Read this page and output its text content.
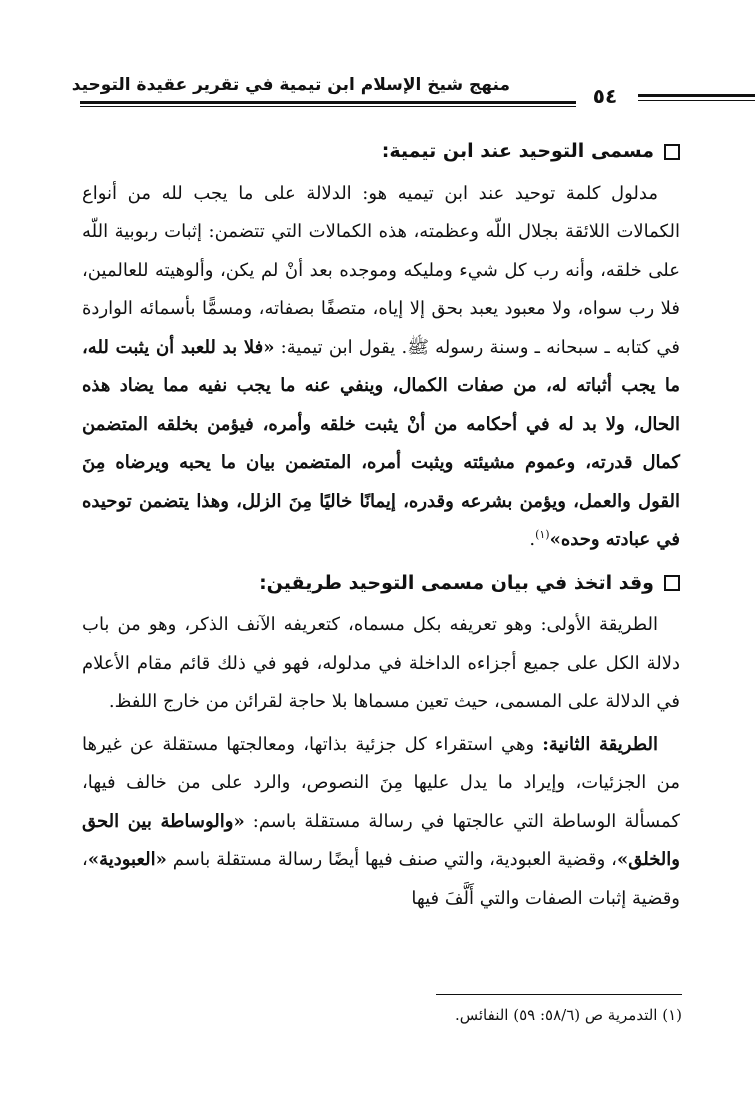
منهج شيخ الإسلام ابن تيمية في تقرير عقيدة التوحيد	٥٤

مسمى التوحيد عند ابن تيمية:

مدلول كلمة توحيد عند ابن تيميه هو: الدلالة على ما يجب لله من أنواع الكمالات اللائقة بجلال اللّه وعظمته، هذه الكمالات التي تتضمن: إثبات ربوبية اللّه على خلقه، وأنه رب كل شيء ومليكه وموجده بعد أنْ لم يكن، وألوهيته للعالمين، فلا رب سواه، ولا معبود يعبد بحق إلا إياه، متصفًا بصفاته، ومسمًّا بأسمائه الواردة في كتابه ـ سبحانه ـ وسنة رسوله ﷺ. يقول ابن تيمية: «فلا بد للعبد أن يثبت لله، ما يجب أثباته له، من صفات الكمال، وينفي عنه ما يجب نفيه مما يضاد هذه الحال، ولا بد له في أحكامه من أنْ يثبت خلقه وأمره، فيؤمن بخلقه المتضمن كمال قدرته، وعموم مشيئته ويثبت أمره، المتضمن بيان ما يحبه ويرضاه مِنَ القول والعمل، ويؤمن بشرعه وقدره، إيمانًا خاليًا مِنَ الزلل، وهذا يتضمن توحيده في عبادته وحده»$^{(١)}$.

وقد اتخذ في بيان مسمى التوحيد طريقين:

الطريقة الأولى: وهو تعريفه بكل مسماه، كتعريفه الآنف الذكر، وهو من باب دلالة الكل على جميع أجزاءه الداخلة في مدلوله، فهو في ذلك قائم مقام الأعلام في الدلالة على المسمى، حيث تعين مسماها بلا حاجة لقرائن من خارج اللفظ.

الطريقة الثانية: وهي استقراء كل جزئية بذاتها، ومعالجتها مستقلة عن غيرها من الجزئيات، وإيراد ما يدل عليها مِنَ النصوص، والرد على من خالف فيها، كمسألة الوساطة التي عالجتها في رسالة مستقلة باسم: «والوساطة بين الحق والخلق»، وقضية العبودية، والتي صنف فيها أيضًا رسالة مستقلة باسم «العبودية»، وقضية إثبات الصفات والتي أَلَّفَ فيها

(١) التدمرية ص (٥٨/٦: ٥٩) النفائس.
